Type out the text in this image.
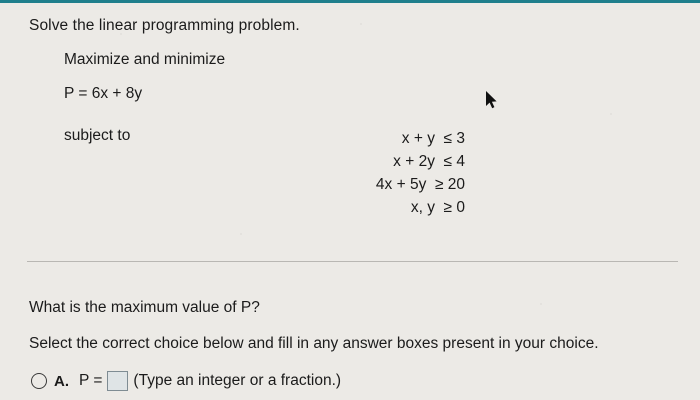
Solve the linear programming problem.
Maximize and minimize
P = 6x + 8y
subject to	x + y  ≤ 3
x + 2y  ≤ 4
4x + 5y  ≥ 20
x, y  ≥ 0
What is the maximum value of P?
Select the correct choice below and fill in any answer boxes present in your choice.
A. P = (Type an integer or a fraction.)
